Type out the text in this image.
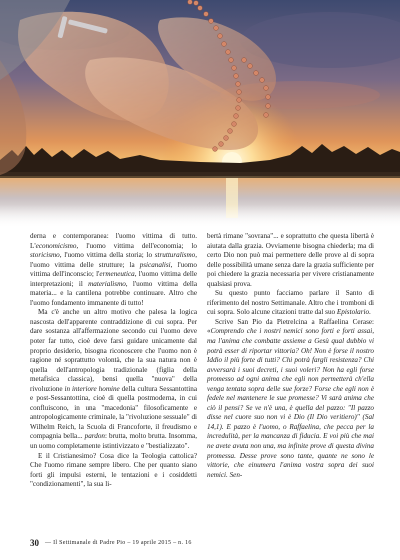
derna e contemporanea: l'uomo vittima di tutto. L'economicismo, l'uomo vittima dell'economia; lo storicismo, l'uomo vittima della storia; lo strutturalismo, l'uomo vittima delle strutture; la psicanalisi, l'uomo vittima dell'inconscio; l'ermeneutica, l'uomo vittima delle interpretazioni; il materialismo, l'uomo vittima della materia... e la cantilena potrebbe continuare. Altro che l'uomo fondamento immanente di tutto!

Ma c'è anche un altro motivo che palesa la logica nascosta dell'apparente contraddizione di cui sopra. Per dare sostanza all'affermazione secondo cui l'uomo deve poter far tutto, cioè deve farsi guidare unicamente dal proprio desiderio, bisogna riconoscere che l'uomo non è ragione né soprattutto volontà, che la sua natura non è quella dell'antropologia tradizionale (figlia della metafisica classica), bensì quella "nuova" della rivoluzione in interiore homine della cultura Sessantottina e post-Sessantottina, cioè di quella postmoderna, in cui confluiscono, in una "macedonia" filosoficamente e antropologicamente criminale, la "rivoluzione sessuale" di Wilhelm Reich, la Scuola di Francoforte, il freudismo e compagnia bella... pardon: brutta, molto brutta. Insomma, un uomo completamente istintivizzato e "bestializzato".

E il Cristianesimo? Cosa dice la Teologia cattolica? Che l'uomo rimane sempre libero. Che per quanto siano forti gli impulsi esterni, le tentazioni e i cosiddetti "condizionamenti", la sua li-

bertà rimane "sovrana"... e soprattutto che questa libertà è aiutata dalla grazia. Ovviamente bisogna chiederla; ma di certo Dio non può mai permettere delle prove al di sopra delle possibilità umane senza dare la grazia sufficiente per poi chiedere la grazia necessaria per vivere cristianamente qualsiasi prova.

Su questo punto facciamo parlare il Santo di riferimento del nostro Settimanale. Altro che i tromboni di cui sopra. Solo alcune citazioni tratte dal suo Epistolario.

Scrive San Pio da Pietrelcina a Raffaelina Cerase: «Comprendo che i nostri nemici sono forti e forti assai, ma l'anima che combatte assieme a Gesù qual dubbio vi potrà esser di riportar vittoria? Oh! Non è forse il nostro Iddio il più forte di tutti? Chi potrà fargli resistenza? Chi avversarà i suoi decreti, i suoi voleri? Non ha egli forse promesso ad ogni anima che egli non permetterà ch'ella venga tentata sopra delle sue forze? Forse che egli non è fedele nel mantenere le sue promesse? Vi sarà anima che ciò il pensi? Se ve n'è una, è quella del pazzo: "Il pazzo disse nel cuore suo non vi è Dio (Il Dio veritiero)" (Sal 14,1). E pazzo è l'uomo, o Raffaelina, che pecca per la incredulità, per la mancanza di fiducia. E voi più che mai ne avete avuta non una, ma infinite prove di questa divina promessa. Desse prove sono tante, quante ne sono le vittorie, che einumera l'anima vostra sopra dei suoi nemici. Sen-

30 — Il Settimanale di Padre Pio – 19 aprile 2015 – n. 16
